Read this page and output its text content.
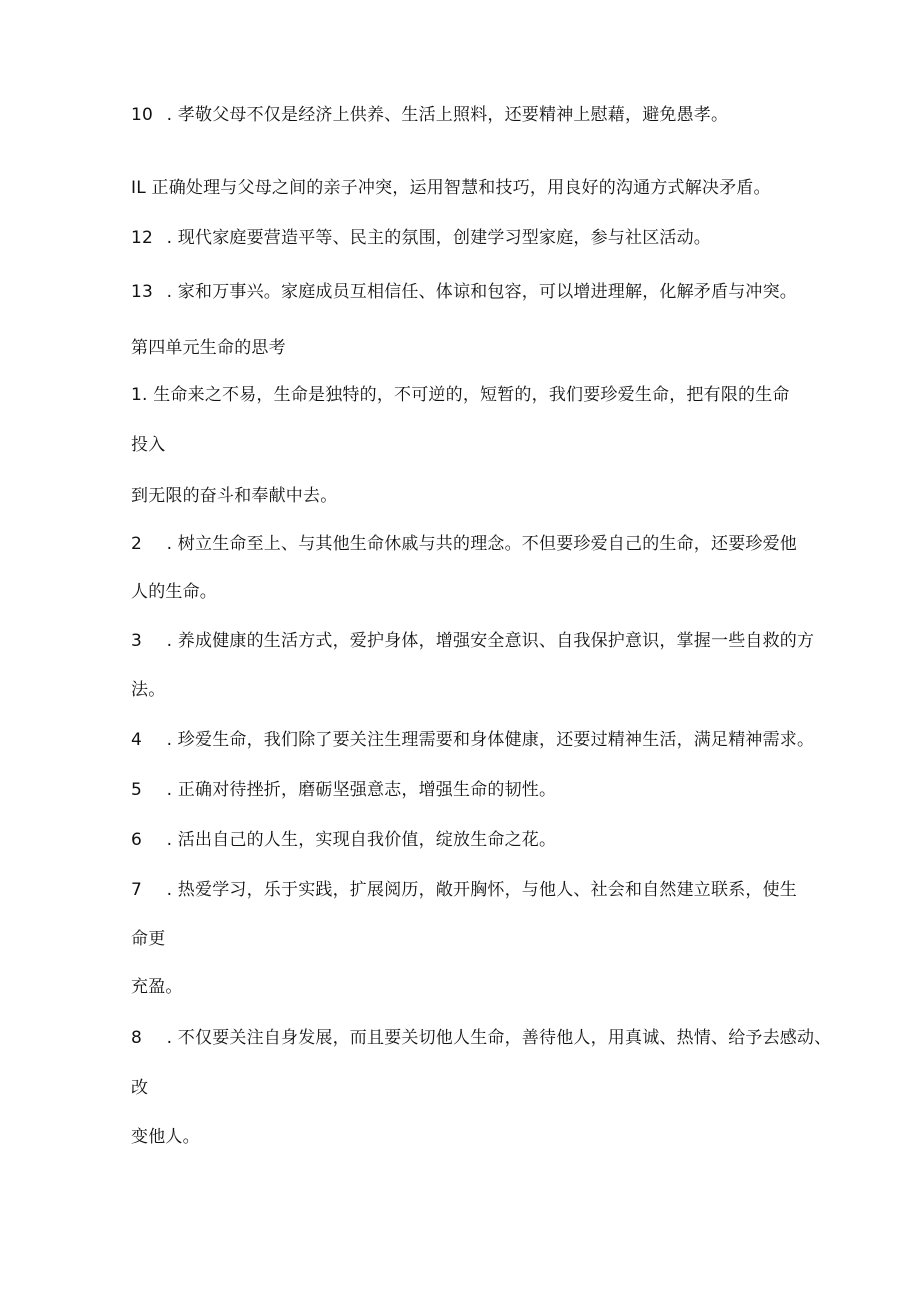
10 . 孝敬父母不仅是经济上供养、生活上照料，还要精神上慰藉，避免愚孝。
IL 正确处理与父母之间的亲子冲突，运用智慧和技巧，用良好的沟通方式解决矛盾。
12 . 现代家庭要营造平等、民主的氛围，创建学习型家庭，参与社区活动。
13 . 家和万事兴。家庭成员互相信任、体谅和包容，可以增进理解，化解矛盾与冲突。
第四单元生命的思考
1. 生命来之不易，生命是独特的，不可逆的，短暂的，我们要珍爱生命，把有限的生命
投入
到无限的奋斗和奉献中去。
2 . 树立生命至上、与其他生命休戚与共的理念。不但要珍爱自己的生命，还要珍爱他
人的生命。
3 . 养成健康的生活方式，爱护身体，增强安全意识、自我保护意识，掌握一些自救的方
法。
4 . 珍爱生命，我们除了要关注生理需要和身体健康，还要过精神生活，满足精神需求。
5 . 正确对待挫折，磨砺坚强意志，增强生命的韧性。
6 . 活出自己的人生，实现自我价值，绽放生命之花。
7 . 热爱学习，乐于实践，扩展阅历，敞开胸怀，与他人、社会和自然建立联系，使生
命更
充盈。
8 . 不仅要关注自身发展，而且要关切他人生命，善待他人，用真诚、热情、给予去感动、
改
变他人。
